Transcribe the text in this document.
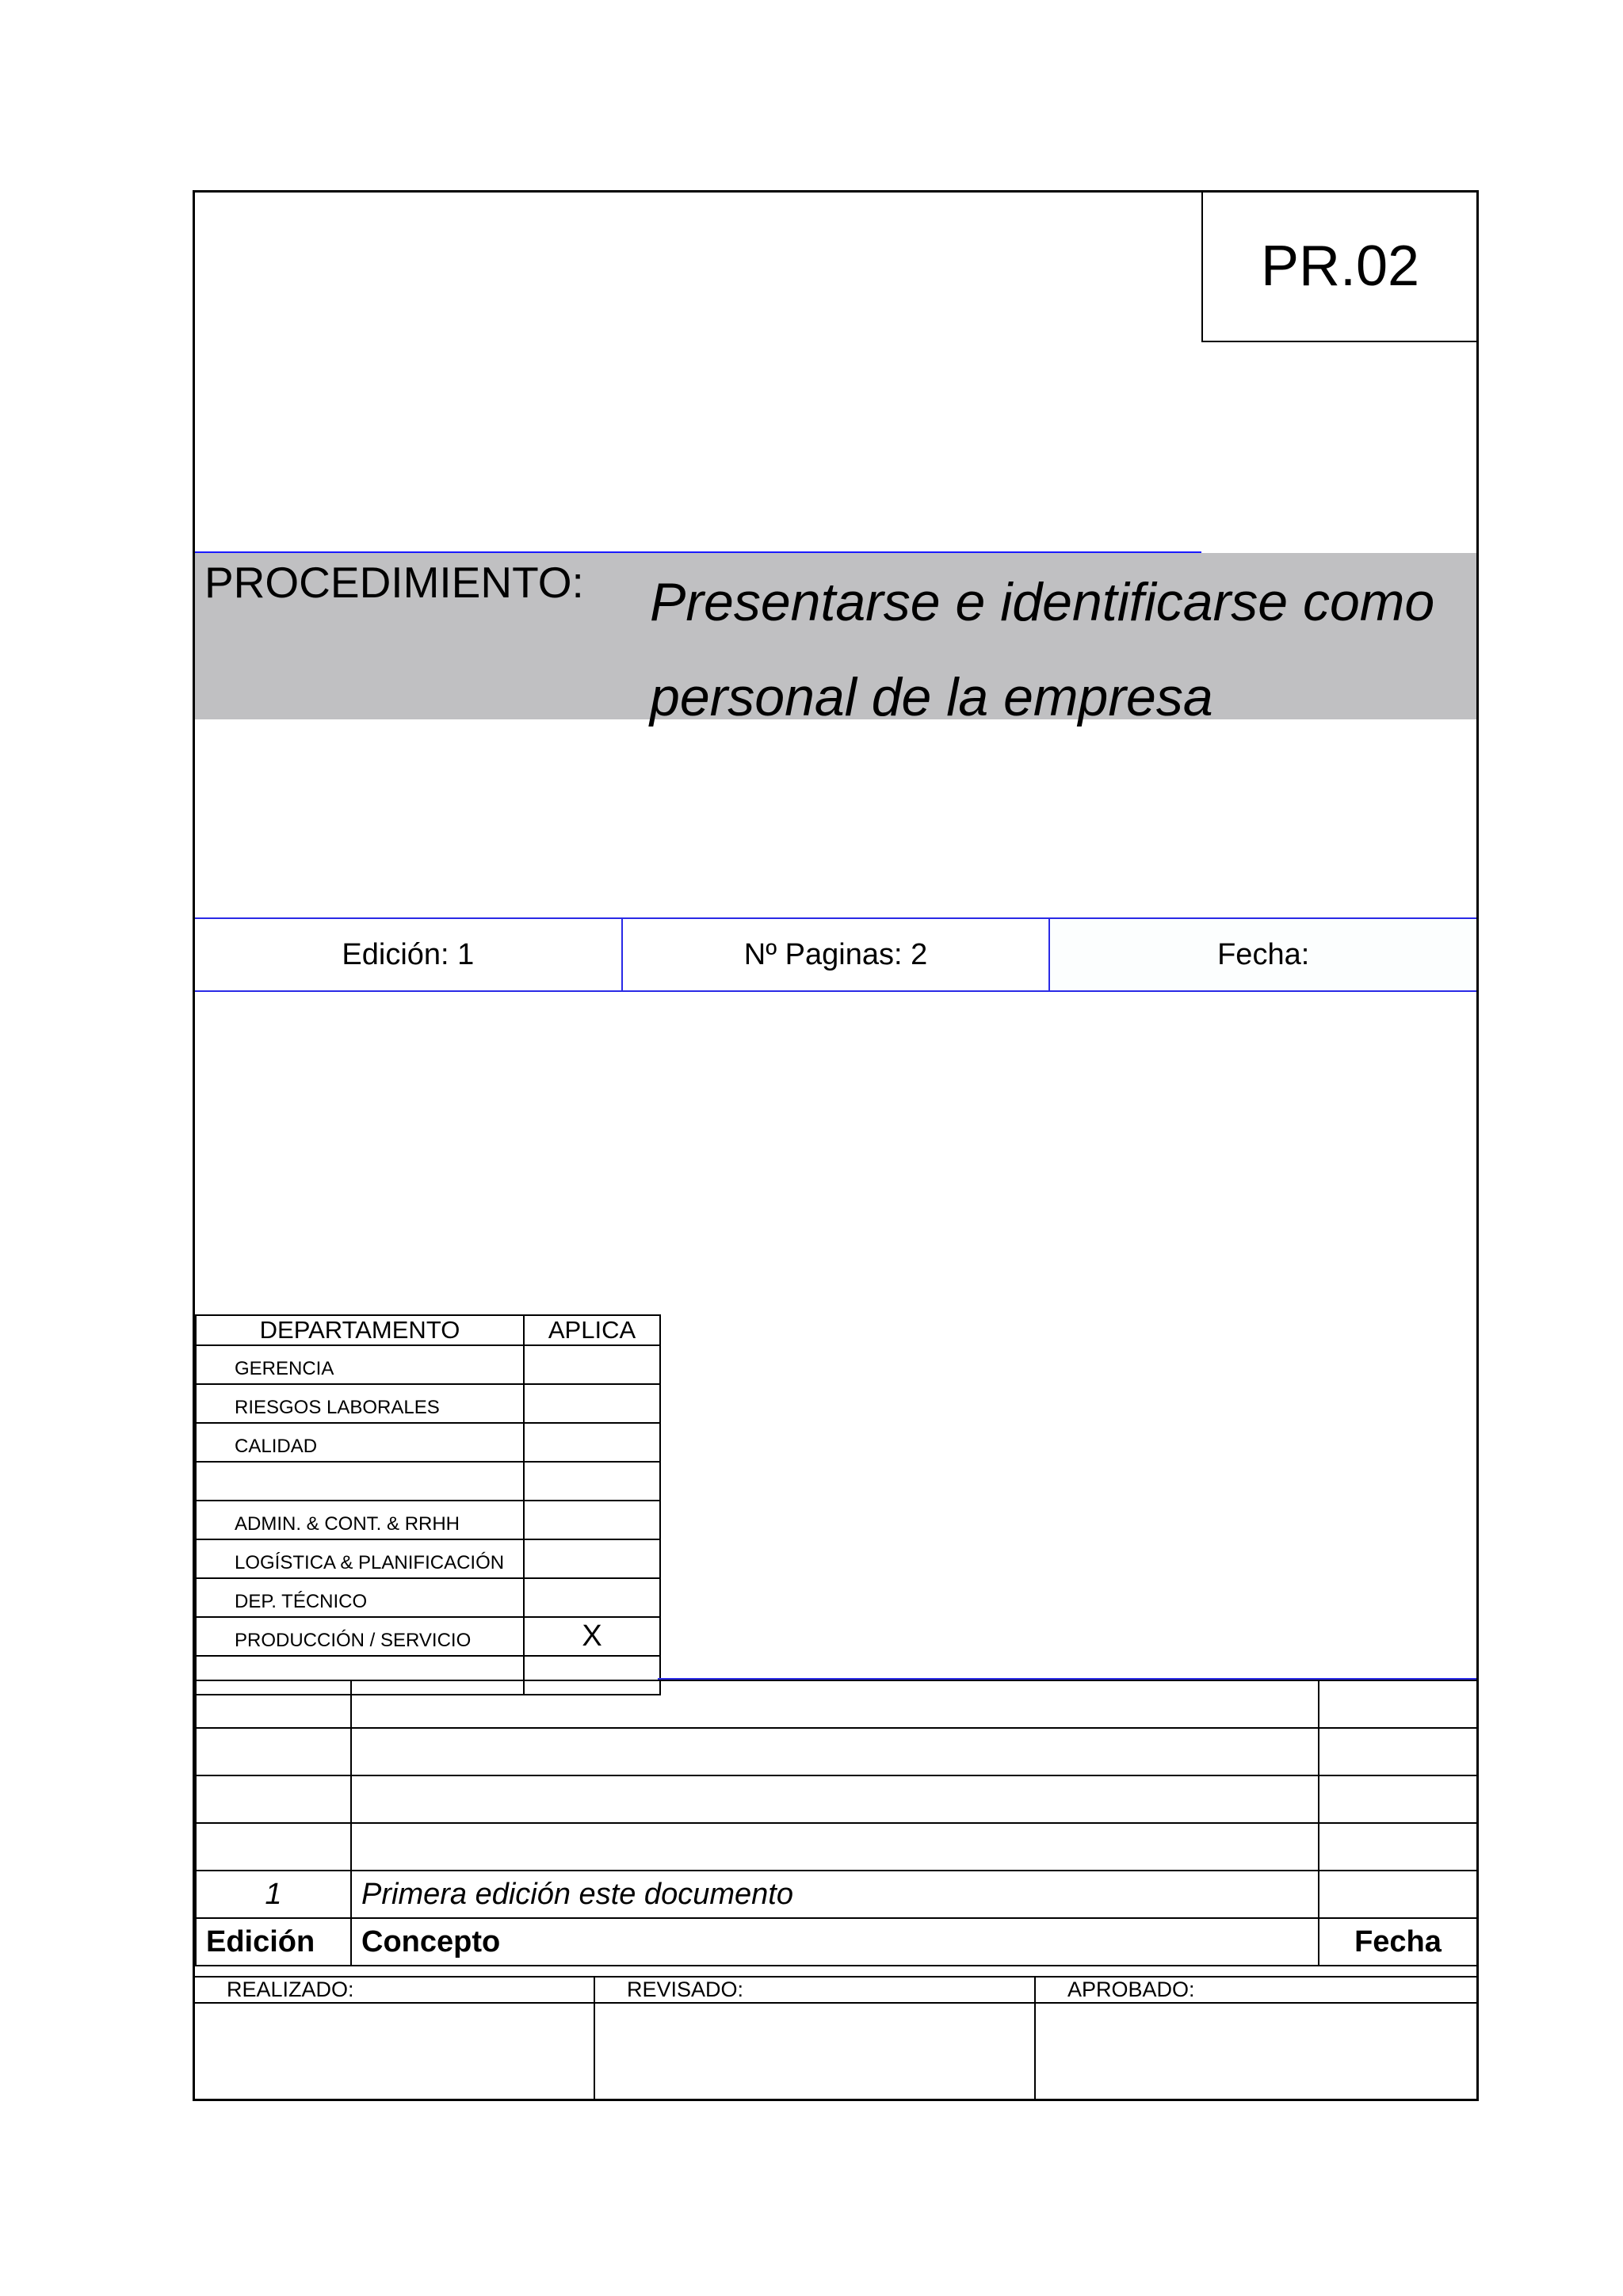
PR.02
PROCEDIMIENTO: Presentarse e identificarse como personal de la empresa
Edición: 1	Nº Paginas: 2	Fecha:
DEPARTAMENTO	APLICA
GERENCIA	
RIESGOS LABORALES	
CALIDAD	

ADMIN. & CONT. & RRHH	
LOGÍSTICA & PLANIFICACIÓN	
DEP. TÉCNICO	
PRODUCCIÓN / SERVICIO	X

1	Primera edición este documento	
Edición	Concepto	Fecha
REALIZADO:	REVISADO:	APROBADO:
